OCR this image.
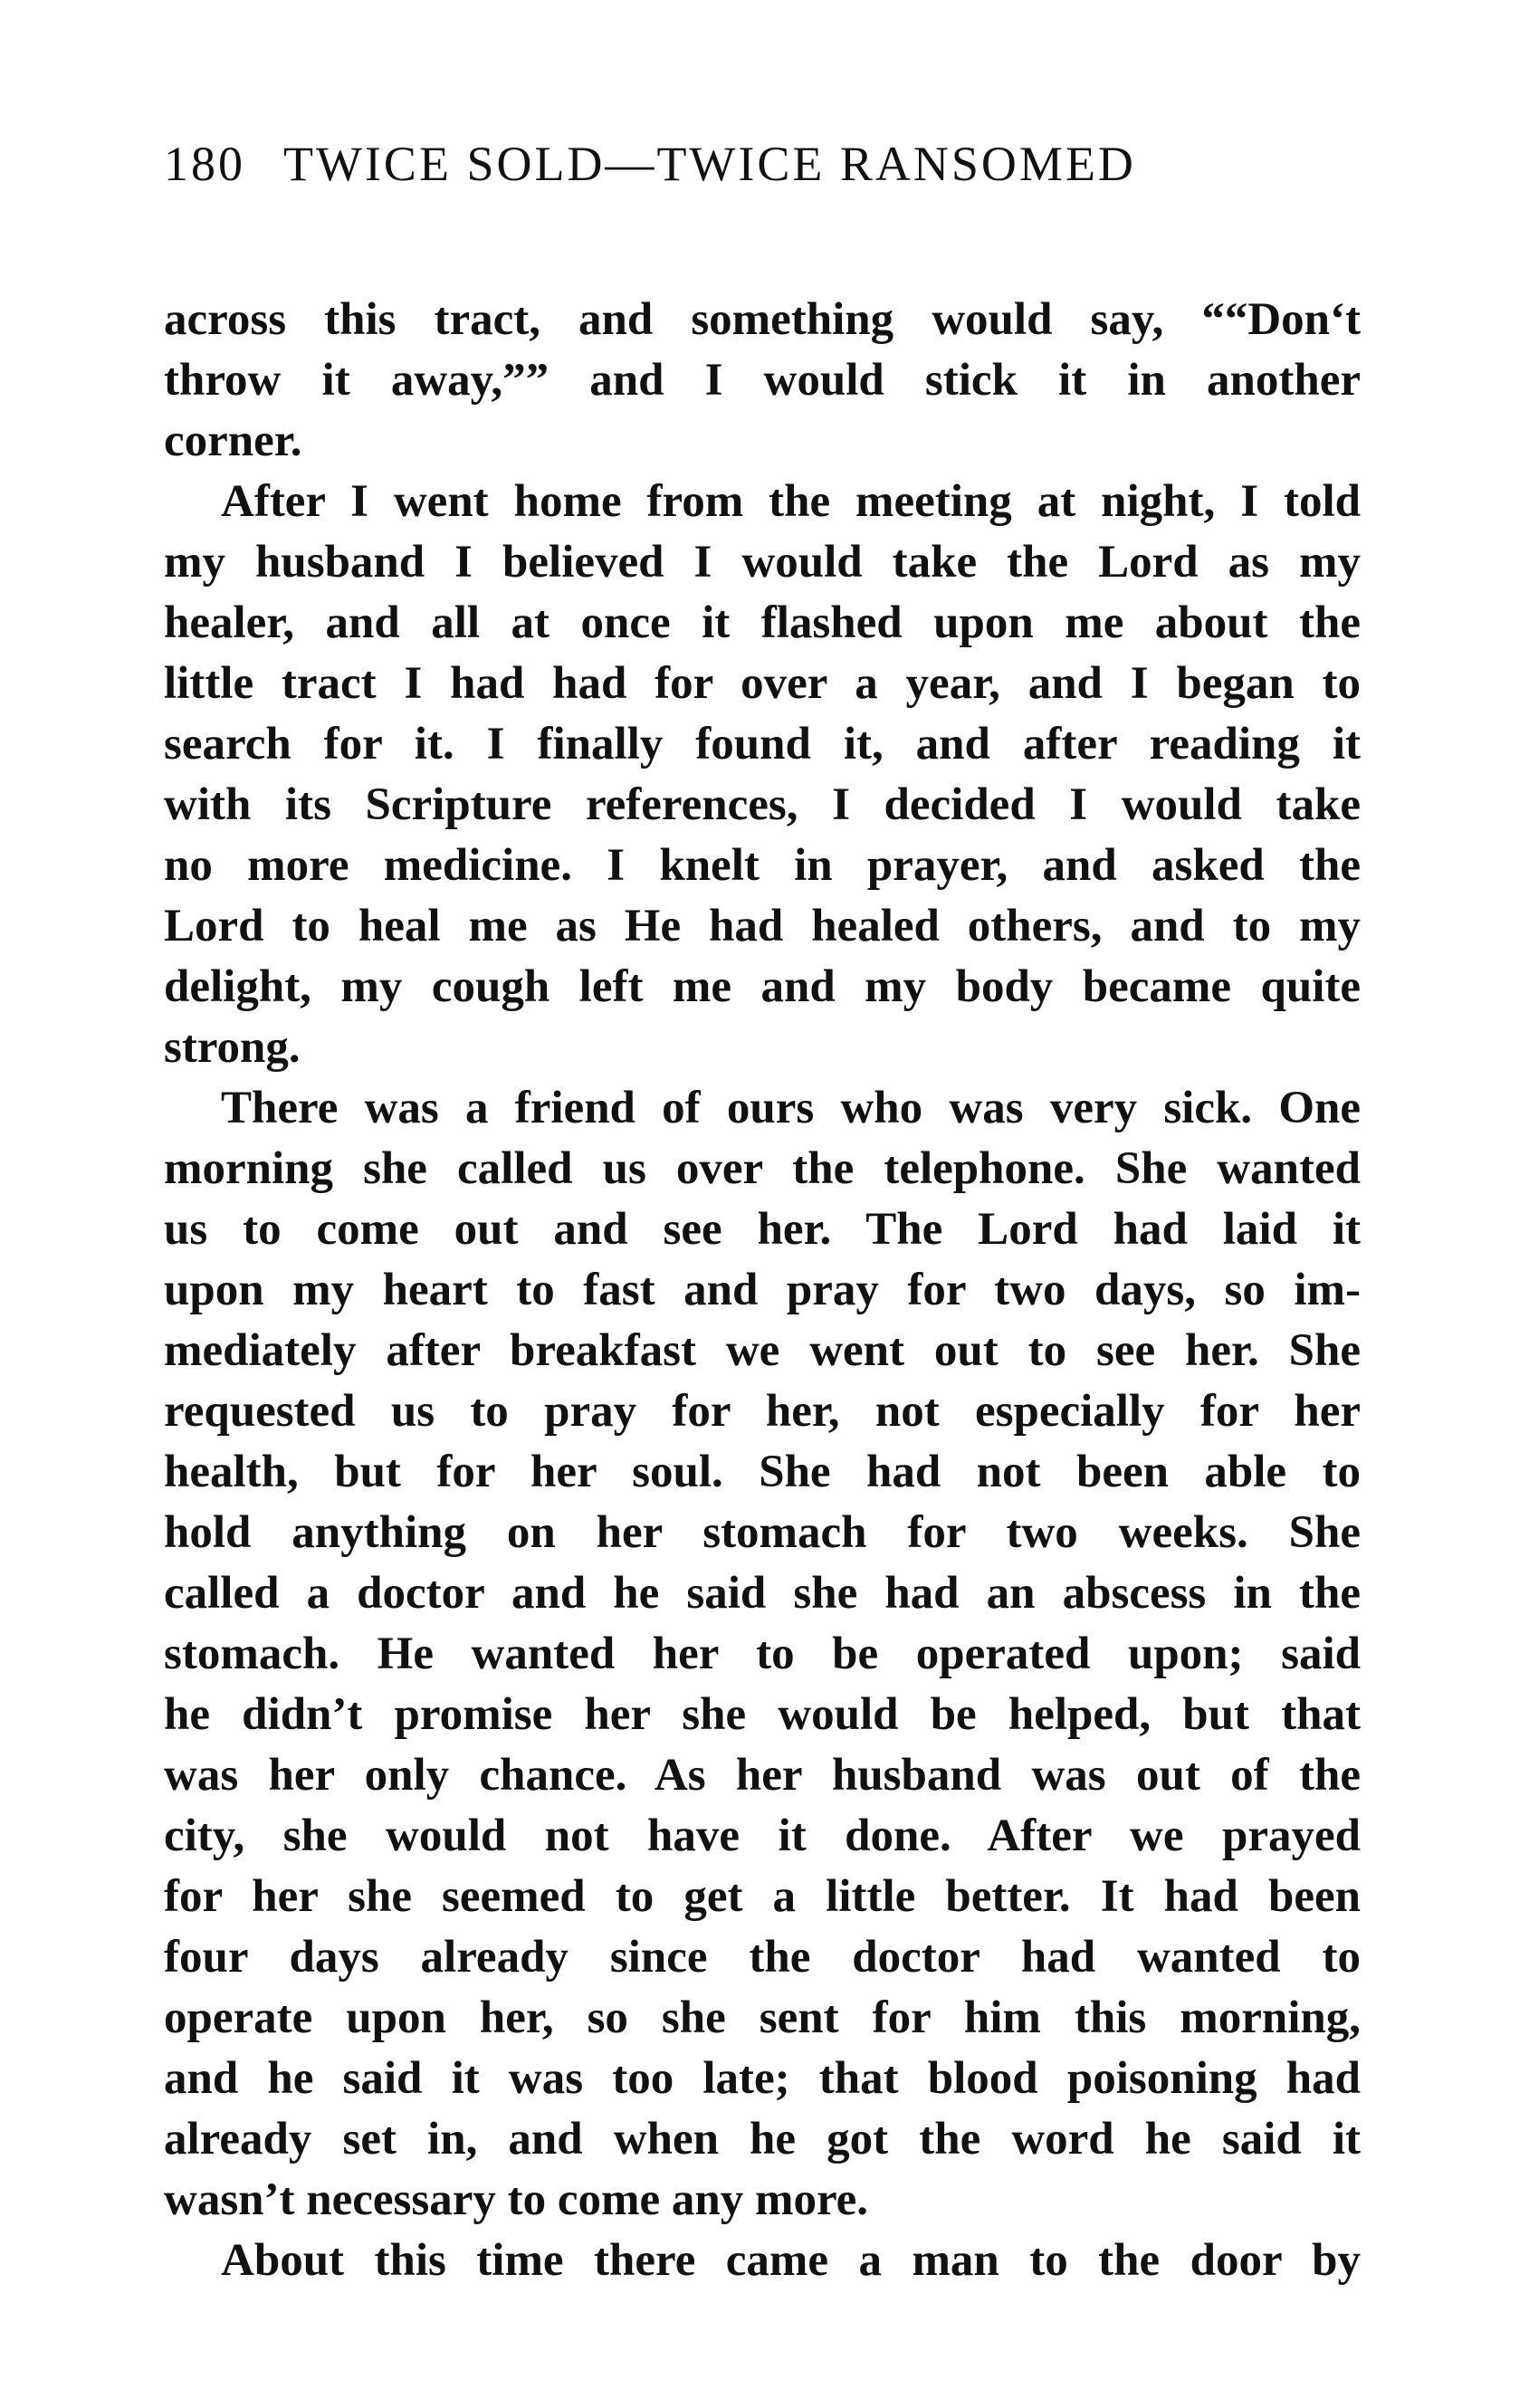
180 TWICE SOLD—TWICE RANSOMED
across this tract, and something would say, ““Don‘t
throw it away,”” and I would stick it in another
corner.
After I went home from the meeting at night, I told
my husband I believed I would take the Lord as my
healer, and all at once it flashed upon me about the
little tract I had had for over a year, and I began to
search for it. I finally found it, and after reading it
with its Scripture references, I decided I would take
no more medicine. I knelt in prayer, and asked the
Lord to heal me as He had healed others, and to my
delight, my cough left me and my body became quite
strong.
There was a friend of ours who was very sick. One
morning she called us over the telephone. She wanted
us to come out and see her. The Lord had laid it
upon my heart to fast and pray for two days, so im-
mediately after breakfast we went out to see her. She
requested us to pray for her, not especially for her
health, but for her soul. She had not been able to
hold anything on her stomach for two weeks. She
called a doctor and he said she had an abscess in the
stomach. He wanted her to be operated upon; said
he didn’t promise her she would be helped, but that
was her only chance. As her husband was out of the
city, she would not have it done. After we prayed
for her she seemed to get a little better. It had been
four days already since the doctor had wanted to
operate upon her, so she sent for him this morning,
and he said it was too late; that blood poisoning had
already set in, and when he got the word he said it
wasn’t necessary to come any more.
About this time there came a man to the door by
